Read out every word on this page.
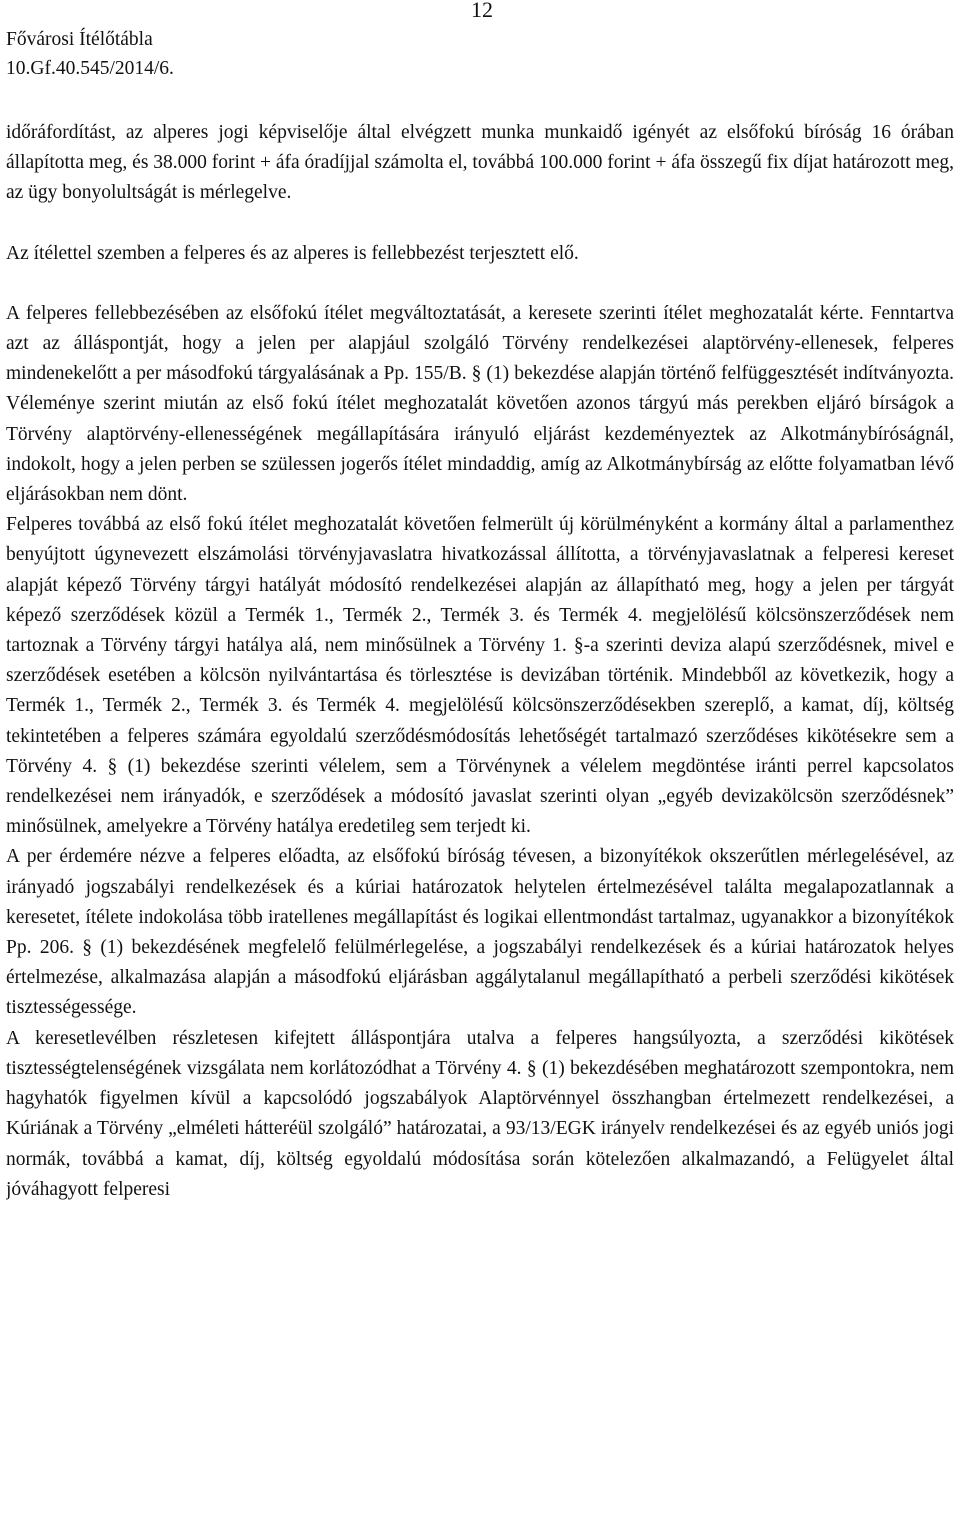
Fővárosi Ítélőtábla
10.Gf.40.545/2014/6.
12

időráfordítást, az alperes jogi képviselője által elvégzett munka munkaidő igényét az elsőfokú bíróság 16 órában állapította meg, és 38.000 forint + áfa óradíjjal számolta el, továbbá 100.000 forint + áfa összegű fix díjat határozott meg, az ügy bonyolultságát is mérlegelve.

Az ítélettel szemben a felperes és az alperes is fellebbezést terjesztett elő.

A felperes fellebbezésében az elsőfokú ítélet megváltoztatását, a keresete szerinti ítélet meghozatalát kérte. Fenntartva azt az álláspontját, hogy a jelen per alapjául szolgáló Törvény rendelkezései alaptörvény-ellenesek, felperes mindenekelőtt a per másodfokú tárgyalásának a Pp. 155/B. § (1) bekezdése alapján történő felfüggesztését indítványozta. Véleménye szerint miután az első fokú ítélet meghozatalát követően azonos tárgyú más perekben eljáró bírságok a Törvény alaptörvény-ellenességének megállapítására irányuló eljárást kezdeményeztek az Alkotmánybíróságnál, indokolt, hogy a jelen perben se szülessen jogerős ítélet mindaddig, amíg az Alkotmánybírság az előtte folyamatban lévő eljárásokban nem dönt.

Felperes továbbá az első fokú ítélet meghozatalát követően felmerült új körülményként a kormány által a parlamenthez benyújtott úgynevezett elszámolási törvényjavaslatra hivatkozással állította, a törvényjavaslatnak a felperesi kereset alapját képező Törvény tárgyi hatályát módosító rendelkezései alapján az állapítható meg, hogy a jelen per tárgyát képező szerződések közül a Termék 1., Termék 2., Termék 3. és Termék 4. megjelölésű kölcsönszerződések nem tartoznak a Törvény tárgyi hatálya alá, nem minősülnek a Törvény 1. §-a szerinti deviza alapú szerződésnek, mivel e szerződések esetében a kölcsön nyilvántartása és törlesztése is devizában történik. Mindebből az következik, hogy a Termék 1., Termék 2., Termék 3. és Termék 4. megjelölésű kölcsönszerződésekben szereplő, a kamat, díj, költség tekintetében a felperes számára egyoldalú szerződésmódosítás lehetőségét tartalmazó szerződéses kikötésekre sem a Törvény 4. § (1) bekezdése szerinti vélelem, sem a Törvénynek a vélelem megdöntése iránti perrel kapcsolatos rendelkezései nem irányadók, e szerződések a módosító javaslat szerinti olyan „egyéb devizakölcsön szerződésnek” minősülnek, amelyekre a Törvény hatálya eredetileg sem terjedt ki.

A per érdemére nézve a felperes előadta, az elsőfokú bíróság tévesen, a bizonyítékok okszerűtlen mérlegelésével, az irányadó jogszabályi rendelkezések és a kúriai határozatok helytelen értelmezésével találta megalapozatlannak a keresetet, ítélete indokolása több iratellenes megállapítást és logikai ellentmondást tartalmaz, ugyanakkor a bizonyítékok Pp. 206. § (1) bekezdésének megfelelő felülmérlegelése, a jogszabályi rendelkezések és a kúriai határozatok helyes értelmezése, alkalmazása alapján a másodfokú eljárásban aggálytalanul megállapítható a perbeli szerződési kikötések tisztességessége.

A keresetlevélben részletesen kifejtett álláspontjára utalva a felperes hangsúlyozta, a szerződési kikötések tisztességtelenségének vizsgálata nem korlátozódhat a Törvény 4. § (1) bekezdésében meghatározott szempontokra, nem hagyhatók figyelmen kívül a kapcsolódó jogszabályok Alaptörvénnyel összhangban értelmezett rendelkezései, a Kúriának a Törvény „elméleti hátteréül szolgáló” határozatai, a 93/13/EGK irányelv rendelkezései és az egyéb uniós jogi normák, továbbá a kamat, díj, költség egyoldalú módosítása során kötelezően alkalmazandó, a Felügyelet által jóváhagyott felperesi
